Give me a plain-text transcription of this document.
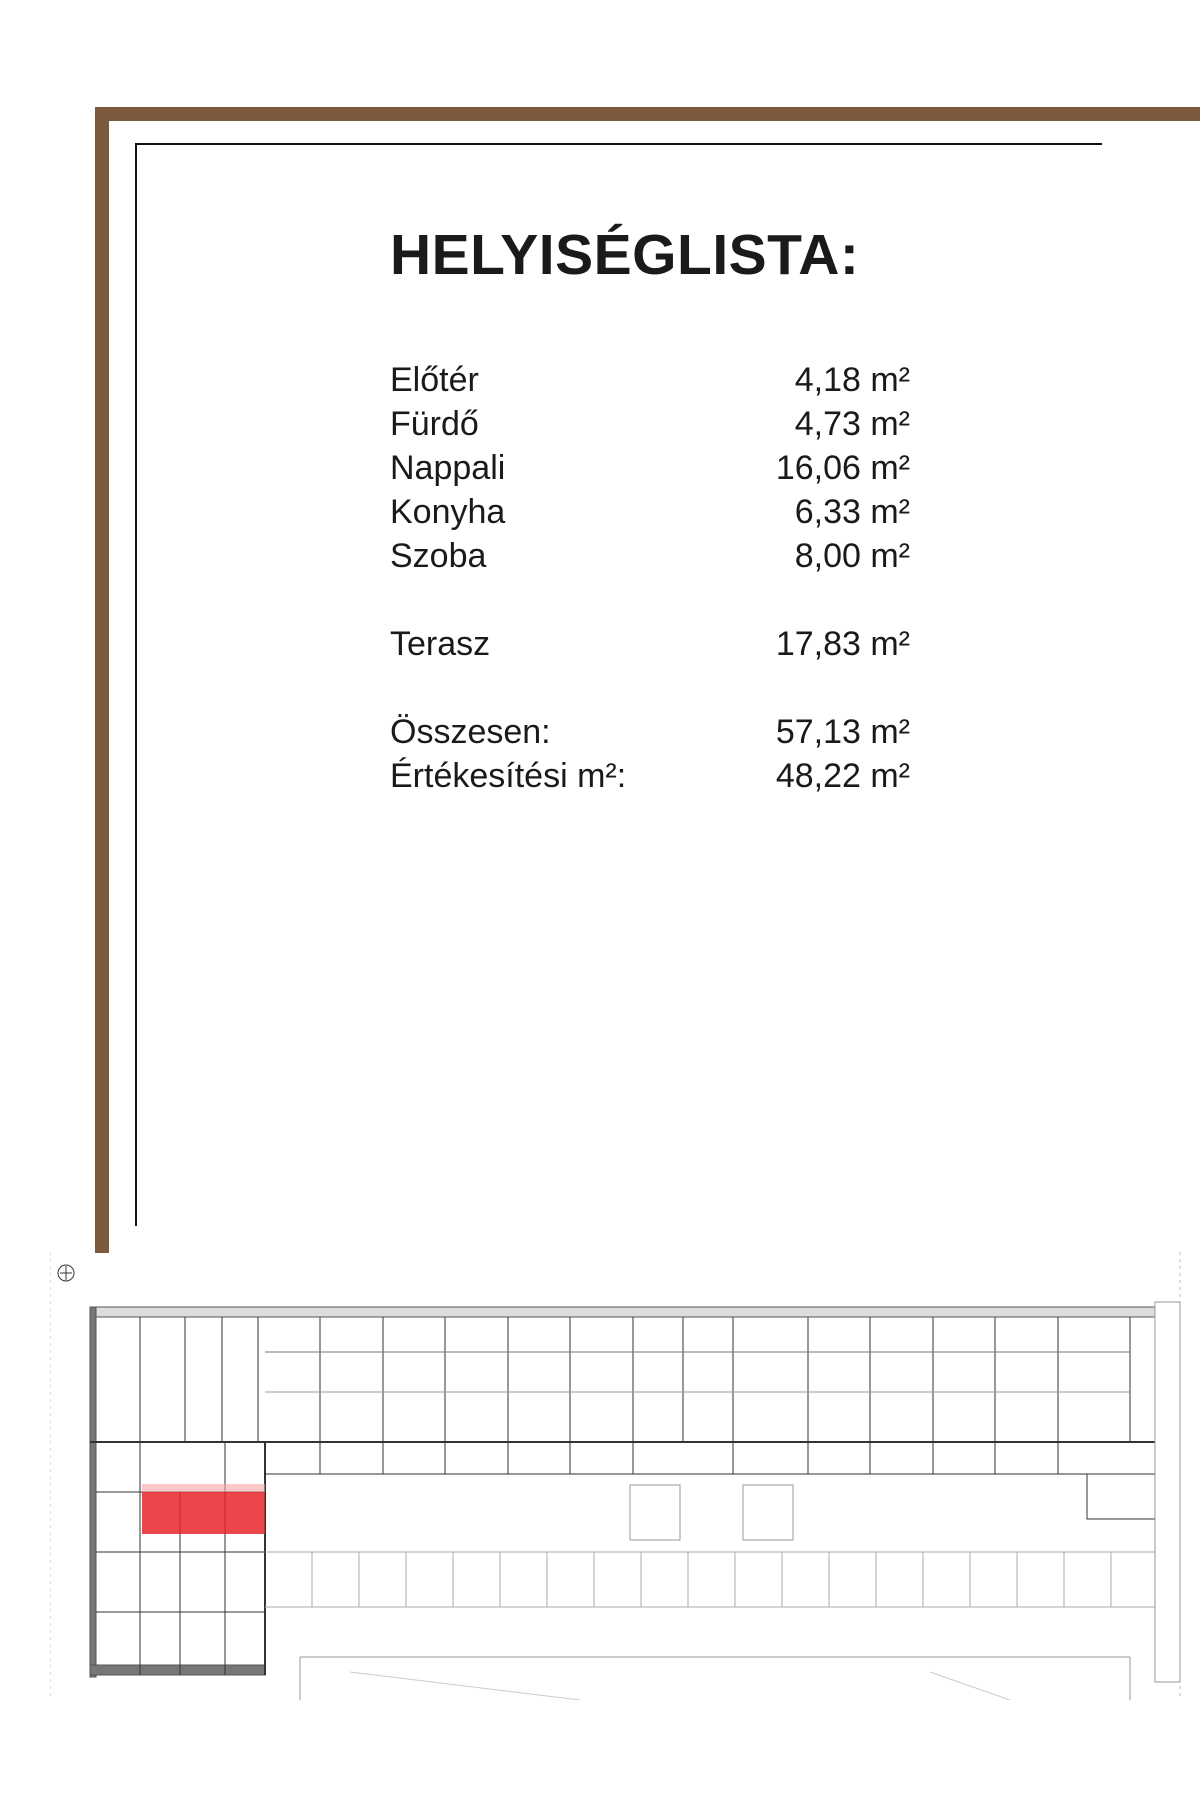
HELYISÉGLISTA:
Előtér	4,18 m²
Fürdő	4,73 m²
Nappali	16,06 m²
Konyha	6,33 m²
Szoba	8,00 m²
Terasz	17,83 m²
Összesen:	57,13 m²
Értékesítési m²:	48,22 m²
